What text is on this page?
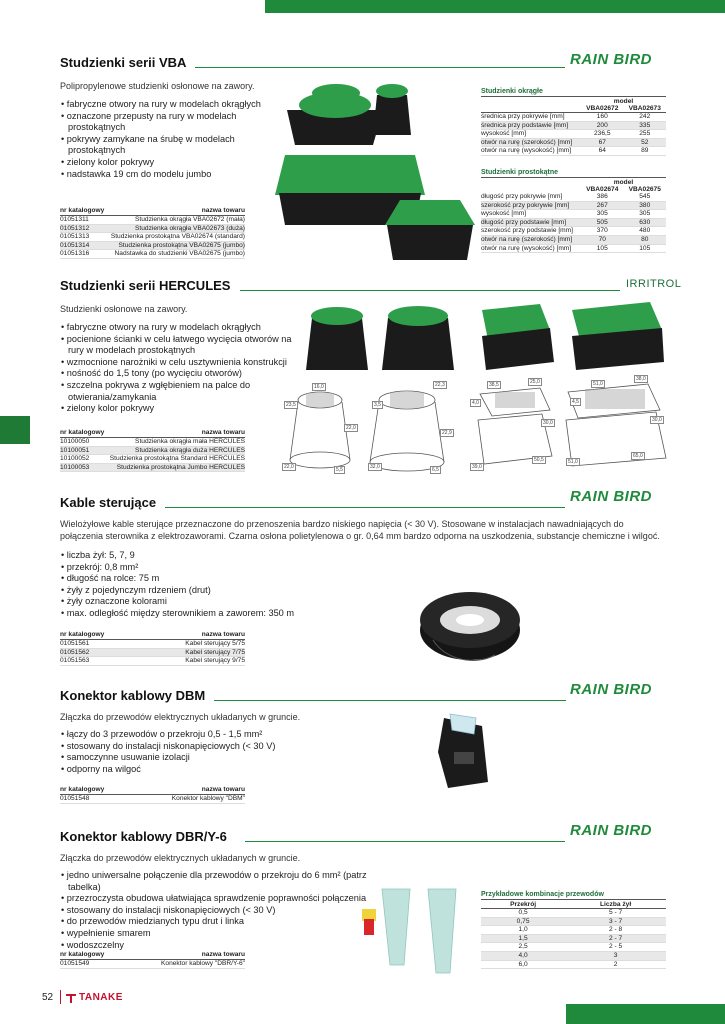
Studzienki serii VBA	RAIN BIRD
Polipropylenowe studzienki osłonowe na zawory.
• fabryczne otwory na rury w modelach okrągłych
• oznaczone przepusty na rury w modelach prostokątnych
• pokrywy zamykane na śrubę w modelach prostokątnych
• zielony kolor pokrywy
• nadstawka 19 cm do modelu jumbo
nr katalogowy	nazwa towaru
01051311	Studzienka okrągła VBA02672 (mała)
01051312	Studzienka okrągła VBA02673 (duża)
01051313	Studzienka prostokątna VBA02674 (standard)
01051314	Studzienka prostokątna VBA02675 (jumbo)
01051316	Nadstawka do studzienki VBA02675 (jumbo)
Studzienki okrągłe
	model	
	VBA02672	VBA02673
średnica przy pokrywie [mm]	160	242
średnica przy podstawie [mm]	200	335
wysokość [mm]	236,5	255
otwór na rurę (szerokość) [mm]	67	52
otwór na rurę (wysokość) [mm]	64	89
Studzienki prostokątne
	model	
	VBA02674	VBA02675
długość przy pokrywie [mm]	386	545
szerokość przy pokrywie [mm]	267	380
wysokość [mm]	305	305
długość przy podstawie [mm]	505	630
szerokość przy podstawie [mm]	370	480
otwór na rurę (szerokość) [mm]	70	80
otwór na rurę (wysokość) [mm]	105	105
Studzienki serii HERCULES	IRRITROL
Studzienki osłonowe na zawory.
• fabryczne otwory na rury w modelach okrągłych
• pocienione ścianki w celu łatwego wycięcia otworów na rury w modelach prostokątnych
• wzmocnione narożniki w celu usztywnienia konstrukcji
• nośność do 1,5 tony (po wycięciu otworów)
• szczelna pokrywa z wgłębieniem na palce do otwierania/zamykania
• zielony kolor pokrywy
nr katalogowy	nazwa towaru
10100050	Studzienka okrągła mała HERCULES
10100051	Studzienka okrągła duża HERCULES
10100052	Studzienka prostokątna Standard HERCULES
10100053	Studzienka prostokątna Jumbo HERCULES
16,0
23,5
22,0
22,0	5,5
22,3
3,5
22,9
32,0	6,5
38,5	25,0
4,0
30,0
50,5
39,0
51,0
38,0
4,5
30,0
65,0
51,0
Kable sterujące	RAIN BIRD
Wielożyłowe kable sterujące przeznaczone do przenoszenia bardzo niskiego napięcia (< 30 V). Stosowane w instalacjach nawadniających do połączenia sterownika z elektrozaworami. Czarna osłona polietylenowa o gr. 0,64 mm bardzo odporna na uszkodzenia, substancje chemiczne i wilgoć.
• liczba żył: 5, 7, 9
• przekrój: 0,8 mm²
• długość na rolce: 75 m
• żyły z pojedynczym rdzeniem (drut)
• żyły oznaczone kolorami
• max. odległość między sterownikiem a zaworem: 350 m
nr katalogowy	nazwa towaru
01051561	Kabel sterujący 5/75
01051562	Kabel sterujący 7/75
01051563	Kabel sterujący 9/75
Konektor kablowy DBM	RAIN BIRD
Złączka do przewodów elektrycznych układanych w gruncie.
• łączy do 3 przewodów o przekroju 0,5 - 1,5 mm²
• stosowany do instalacji niskonapięciowych (< 30 V)
• samoczynne usuwanie izolacji
• odporny na wilgoć
nr katalogowy	nazwa towaru
01051548	Konektor kablowy "DBM"
Konektor kablowy DBR/Y-6	RAIN BIRD
Złączka do przewodów elektrycznych układanych w gruncie.
• jedno uniwersalne połączenie dla przewodów o przekroju do 6 mm² (patrz tabelka)
• przezroczysta obudowa ułatwiająca sprawdzenie poprawności połączenia
• stosowany do instalacji niskonapięciowych (< 30 V)
• do przewodów miedzianych typu drut i linka
• wypełnienie smarem
• wodoszczelny
nr katalogowy	nazwa towaru
01051549	Konektor kablowy "DBR/Y-6"
Przykładowe kombinacje przewodów
Przekrój	Liczba żył
0,5	5 - 7
0,75	3 - 7
1,0	2 - 8
1,5	2 - 7
2,5	2 - 5
4,0	3
6,0	2
52	TANAKE
